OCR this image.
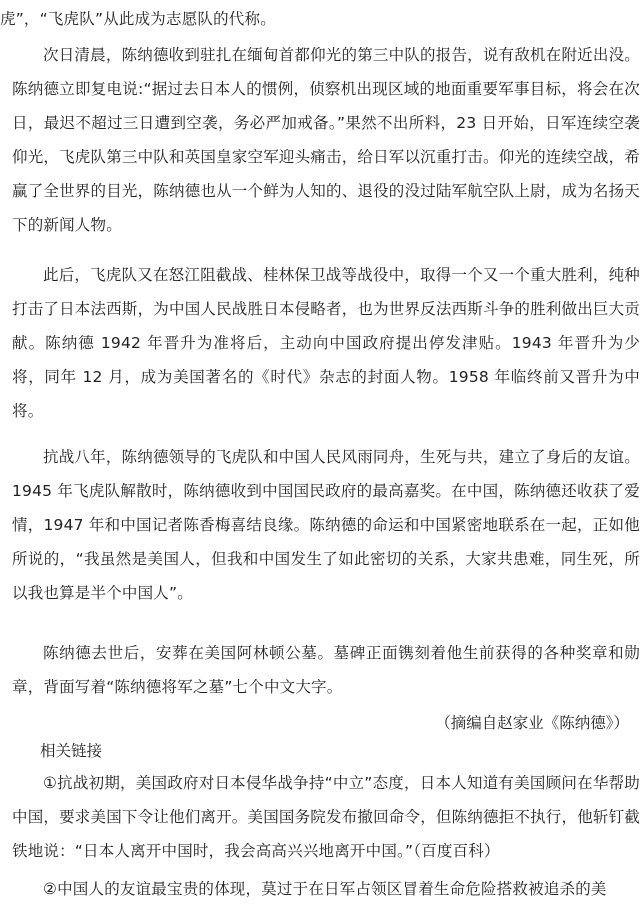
虎”，“飞虎队”从此成为志愿队的代称。

次日清晨，陈纳德收到驻扎在缅甸首都仰光的第三中队的报告，说有敌机在附近出没。陈纳德立即复电说:“据过去日本人的惯例，侦察机出现区域的地面重要军事目标，将会在次日，最迟不超过三日遭到空袭，务必严加戒备。”果然不出所料，23 日开始，日军连续空袭仰光，飞虎队第三中队和英国皇家空军迎头痛击，给日军以沉重打击。仰光的连续空战，希赢了全世界的目光，陈纳德也从一个鲜为人知的、退役的没过陆军航空队上尉，成为名扬天下的新闻人物。

此后，飞虎队又在怒江阻截战、桂林保卫战等战役中，取得一个又一个重大胜利，纯种打击了日本法西斯，为中国人民战胜日本侵略者，也为世界反法西斯斗争的胜利做出巨大贡献。陈纳德 1942 年晋升为准将后，主动向中国政府提出停发津贴。1943 年晋升为少将，同年 12 月，成为美国著名的《时代》杂志的封面人物。1958 年临终前又晋升为中将。

抗战八年，陈纳德领导的飞虎队和中国人民风雨同舟，生死与共，建立了身后的友谊。1945 年飞虎队解散时，陈纳德收到中国国民政府的最高嘉奖。在中国，陈纳德还收获了爱情，1947 年和中国记者陈香梅喜结良缘。陈纳德的命运和中国紧密地联系在一起，正如他所说的，“我虽然是美国人，但我和中国发生了如此密切的关系，大家共患难，同生死，所以我也算是半个中国人”。

陈纳德去世后，安葬在美国阿林顿公墓。墓碑正面镌刻着他生前获得的各种奖章和勋章，背面写着“陈纳德将军之墓”七个中文大字。

（摘编自赵家业《陈纳德》）
相关链接

①抗战初期，美国政府对日本侵华战争持“中立”态度，日本人知道有美国顾问在华帮助中国，要求美国下令让他们离开。美国国务院发布撤回命令，但陈纳德拒不执行，他斩钉截铁地说：“日本人离开中国时，我会高高兴兴地离开中国。”（百度百科）

②中国人的友谊最宝贵的体现，莫过于在日军占领区冒着生命危险搭救被追杀的美
